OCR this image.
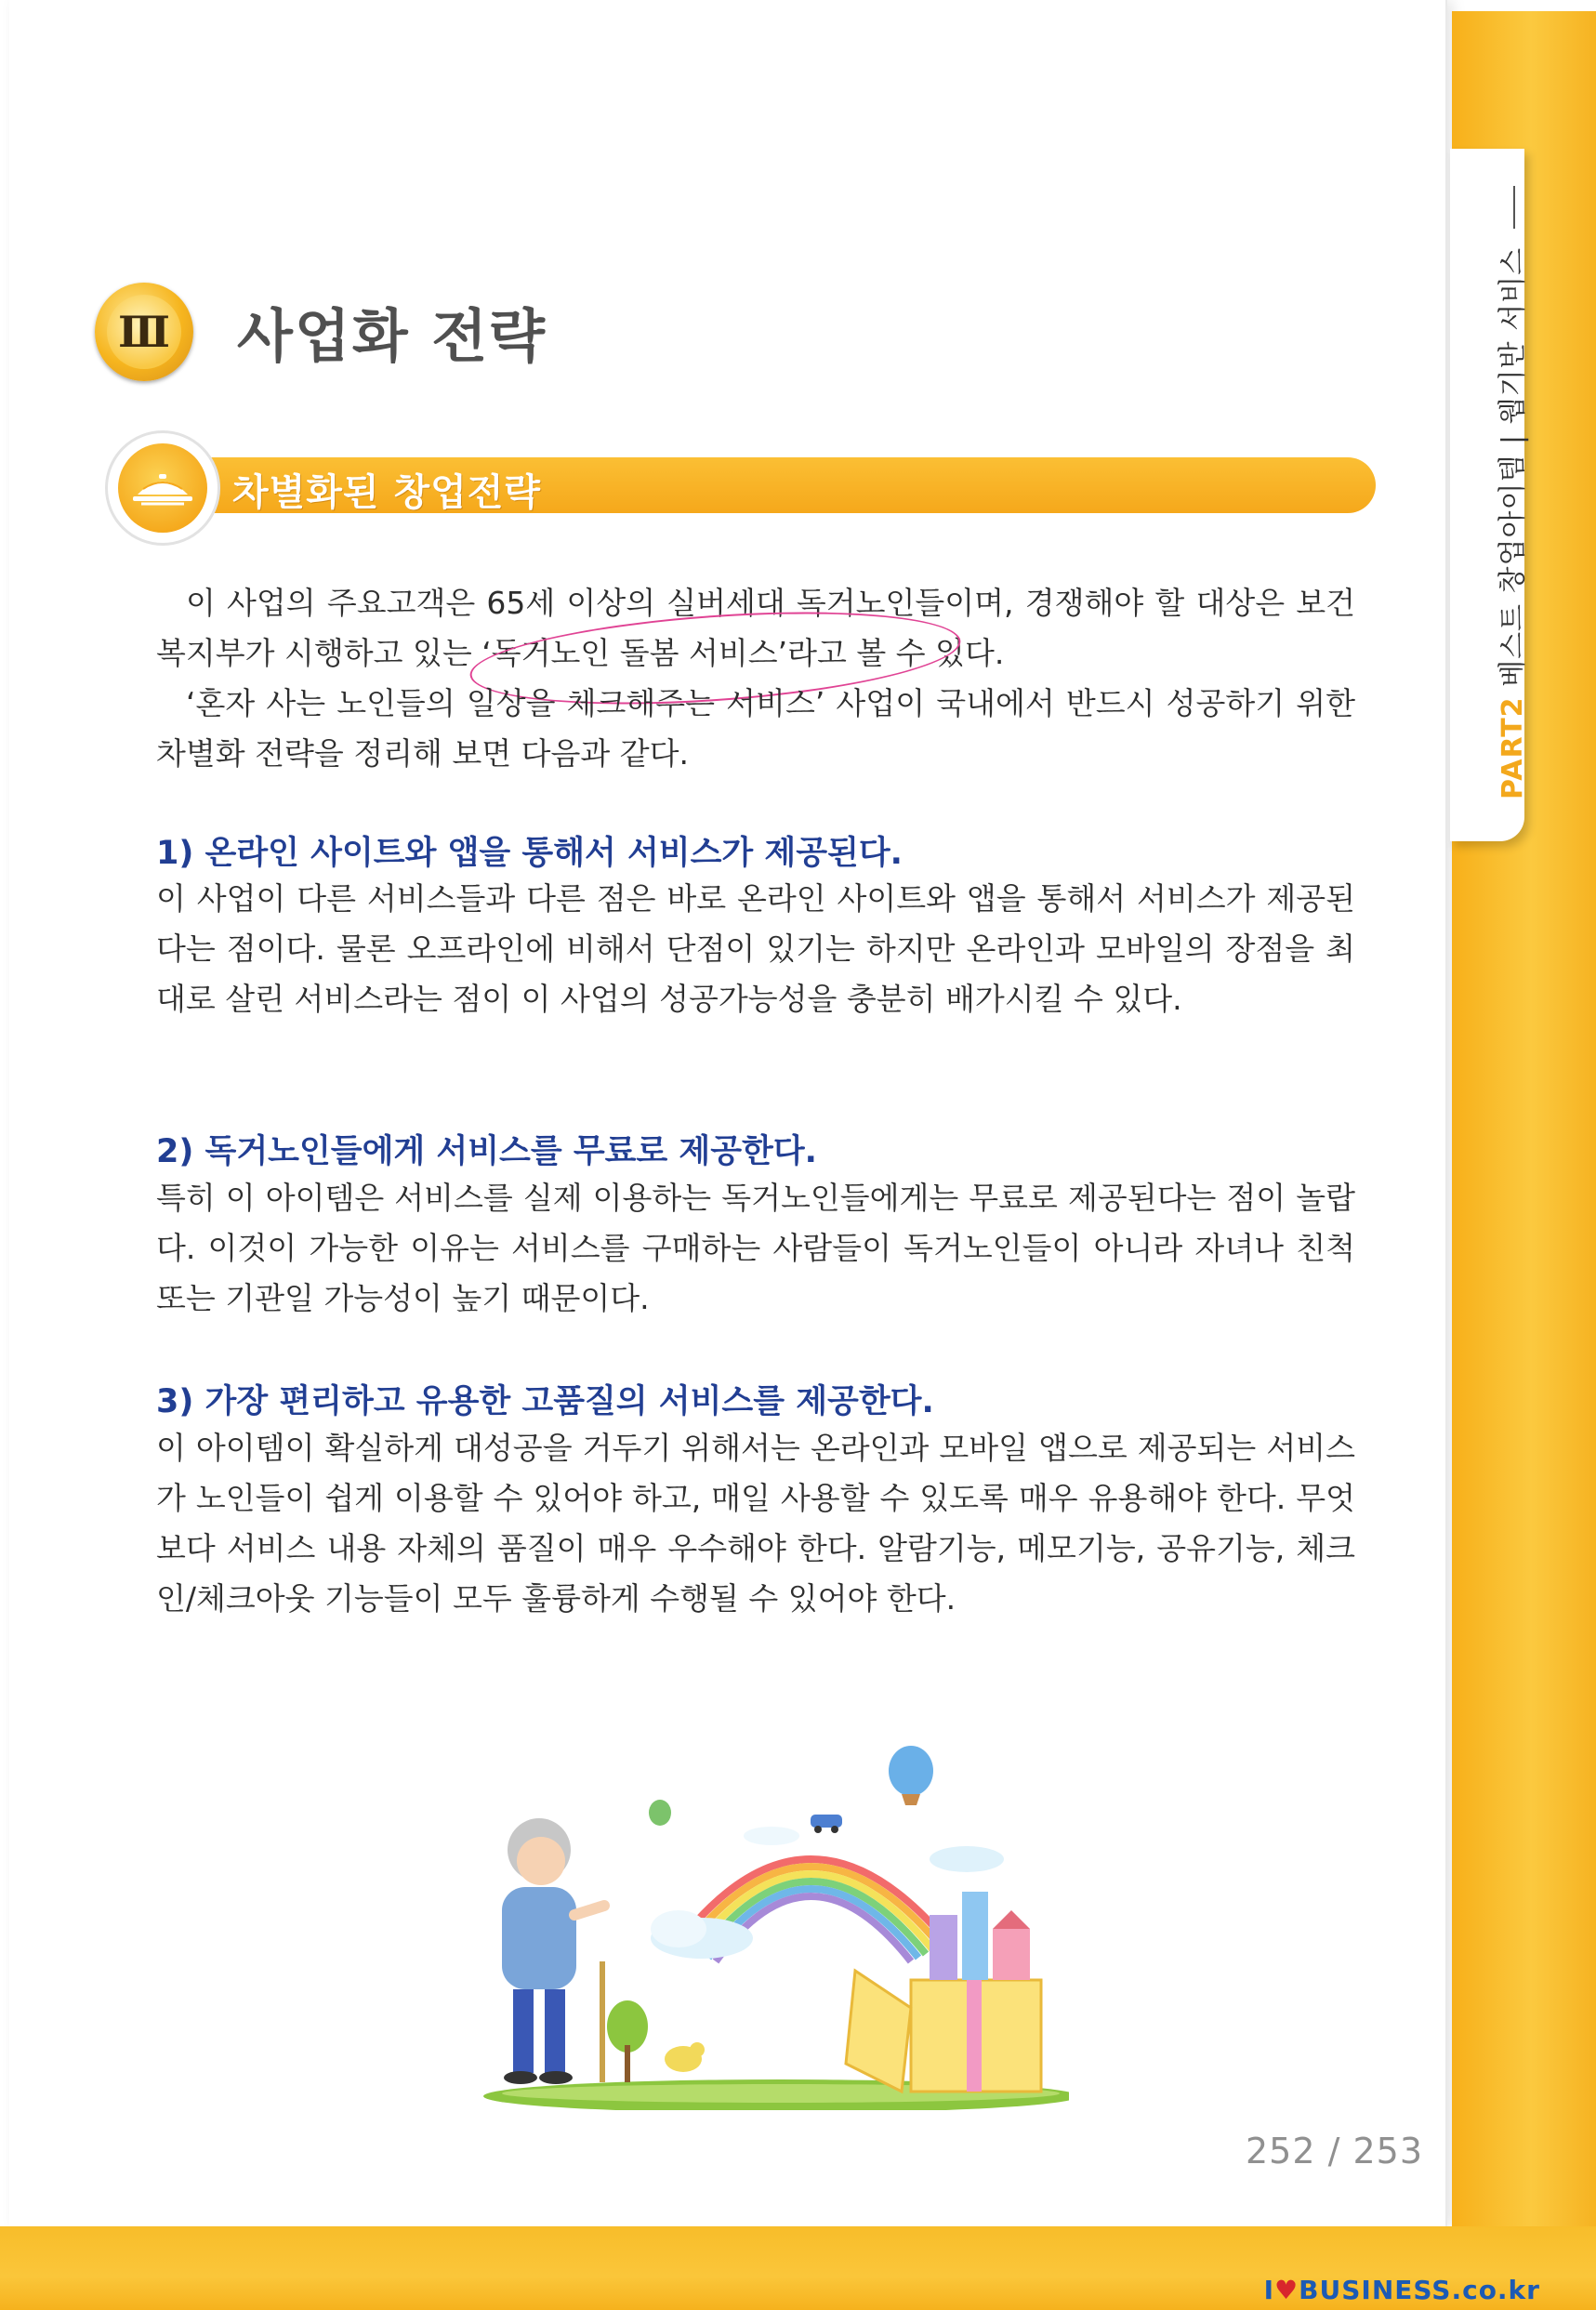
PART2 베스트 창업아이템 | 웹기반 서비스
Ⅲ 사업화 전략
차별화된 창업전략

이 사업의 주요고객은 65세 이상의 실버세대 독거노인들이며, 경쟁해야 할 대상은 보건복지부가 시행하고 있는 ‘독거노인 돌봄 서비스’라고 볼 수 있다.

‘혼자 사는 노인들의 일상을 체크해주는 서비스’ 사업이 국내에서 반드시 성공하기 위한 차별화 전략을 정리해 보면 다음과 같다.

1) 온라인 사이트와 앱을 통해서 서비스가 제공된다.

이 사업이 다른 서비스들과 다른 점은 바로 온라인 사이트와 앱을 통해서 서비스가 제공된다는 점이다. 물론 오프라인에 비해서 단점이 있기는 하지만 온라인과 모바일의 장점을 최대로 살린 서비스라는 점이 이 사업의 성공가능성을 충분히 배가시킬 수 있다.

2) 독거노인들에게 서비스를 무료로 제공한다.

특히 이 아이템은 서비스를 실제 이용하는 독거노인들에게는 무료로 제공된다는 점이 놀랍다. 이것이 가능한 이유는 서비스를 구매하는 사람들이 독거노인들이 아니라 자녀나 친척 또는 기관일 가능성이 높기 때문이다.

3) 가장 편리하고 유용한 고품질의 서비스를 제공한다.

이 아이템이 확실하게 대성공을 거두기 위해서는 온라인과 모바일 앱으로 제공되는 서비스가 노인들이 쉽게 이용할 수 있어야 하고, 매일 사용할 수 있도록 매우 유용해야 한다. 무엇보다 서비스 내용 자체의 품질이 매우 우수해야 한다. 알람기능, 메모기능, 공유기능, 체크인/체크아웃 기능들이 모두 훌륭하게 수행될 수 있어야 한다.

252 / 253
I♥BUSINESS.co.kr
